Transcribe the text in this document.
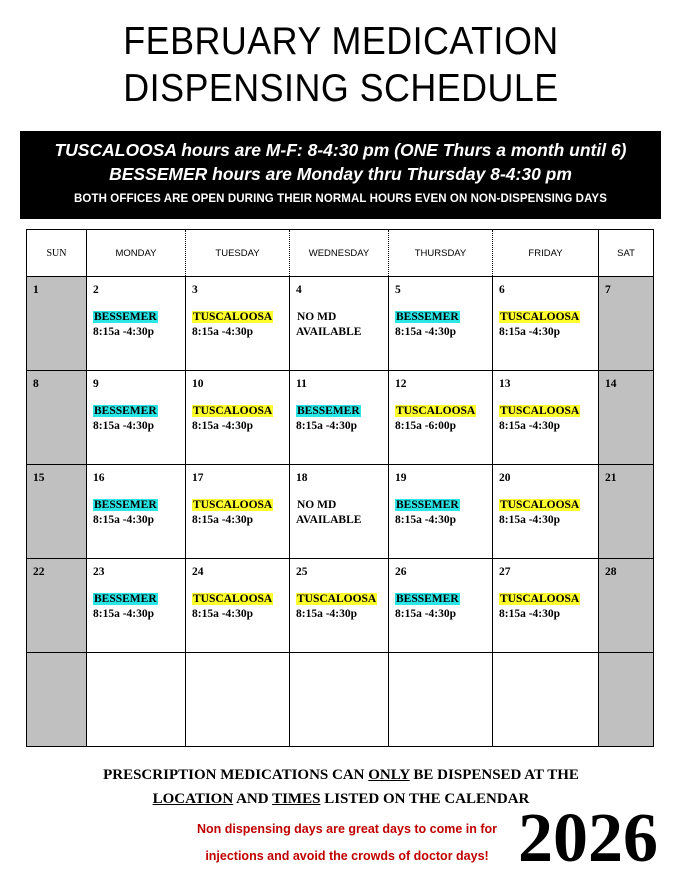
FEBRUARY MEDICATION
DISPENSING SCHEDULE
TUSCALOOSA hours are M-F: 8-4:30 pm (ONE Thurs a month until 6)
BESSEMER hours are Monday thru Thursday 8-4:30 pm
BOTH OFFICES ARE OPEN DURING THEIR NORMAL HOURS EVEN ON NON-DISPENSING DAYS
SUN	MONDAY	TUESDAY	WEDNESDAY	THURSDAY	FRIDAY	SAT

1	2
BESSEMER
8:15a -4:30p	3
TUSCALOOSA
8:15a -4:30p	4
NO MD
AVAILABLE	5
BESSEMER
8:15a -4:30p	6
TUSCALOOSA
8:15a -4:30p	7

8	9
BESSEMER
8:15a -4:30p	10
TUSCALOOSA
8:15a -4:30p	11
BESSEMER
8:15a -4:30p	12
TUSCALOOSA
8:15a -6:00p	13
TUSCALOOSA
8:15a -4:30p	14

15	16
BESSEMER
8:15a -4:30p	17
TUSCALOOSA
8:15a -4:30p	18
NO MD
AVAILABLE	19
BESSEMER
8:15a -4:30p	20
TUSCALOOSA
8:15a -4:30p	21

22	23
BESSEMER
8:15a -4:30p	24
TUSCALOOSA
8:15a -4:30p	25
TUSCALOOSA
8:15a -4:30p	26
BESSEMER
8:15a -4:30p	27
TUSCALOOSA
8:15a -4:30p	28

PRESCRIPTION MEDICATIONS CAN ONLY BE DISPENSED AT THE
LOCATION AND TIMES LISTED ON THE CALENDAR
Non dispensing days are great days to come in for
injections and avoid the crowds of doctor days! 2026
